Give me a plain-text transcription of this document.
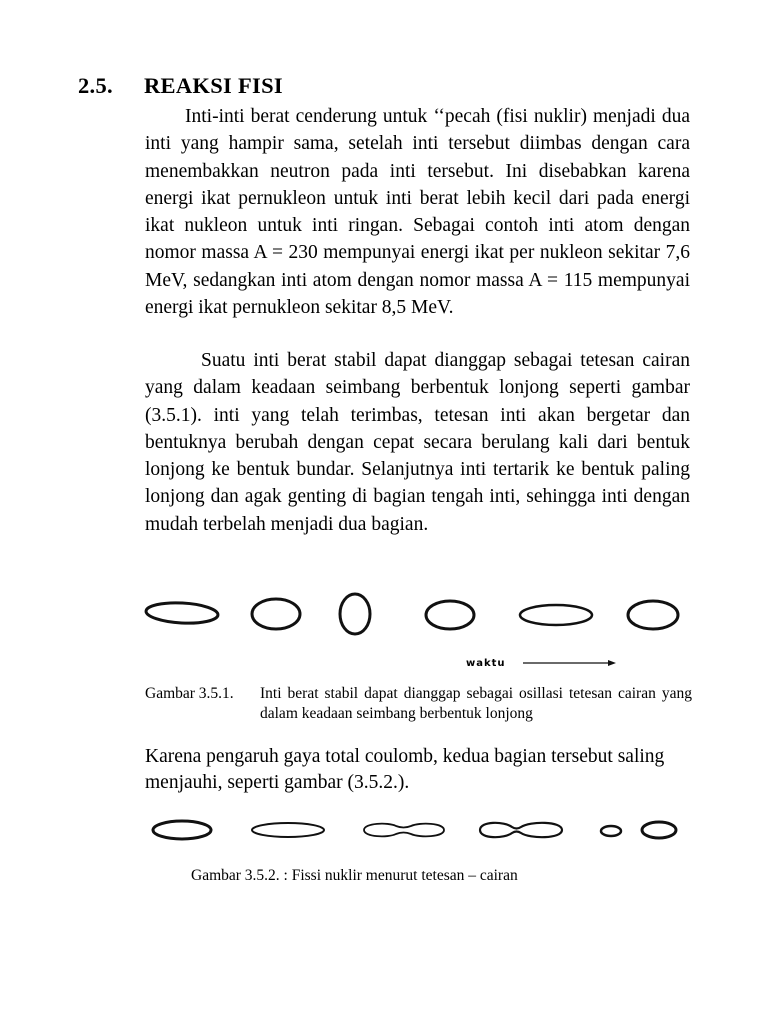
2.5. REAKSI FISI

Inti-inti berat cenderung untuk ‘‘pecah (fisi nuklir) menjadi dua inti yang hampir sama, setelah inti tersebut diimbas dengan cara menembakkan neutron pada inti tersebut. Ini disebabkan karena energi ikat pernukleon untuk inti berat lebih kecil dari pada energi ikat nukleon untuk inti ringan. Sebagai contoh inti atom dengan nomor massa A = 230 mempunyai energi ikat per nukleon sekitar 7,6 MeV, sedangkan inti atom dengan nomor massa A = 115 mempunyai energi ikat pernukleon sekitar 8,5 MeV.

Suatu inti berat stabil dapat dianggap sebagai tetesan cairan yang dalam keadaan seimbang berbentuk lonjong seperti gambar (3.5.1). inti yang telah terimbas, tetesan inti akan bergetar dan bentuknya berubah dengan cepat secara berulang kali dari bentuk lonjong ke bentuk bundar. Selanjutnya inti tertarik ke bentuk paling lonjong dan agak genting di bagian tengah inti, sehingga inti dengan mudah terbelah menjadi dua bagian.

waktu
Gambar 3.5.1. Inti berat stabil dapat dianggap sebagai osillasi tetesan cairan yang dalam keadaan seimbang berbentuk lonjong

Karena pengaruh gaya total coulomb, kedua bagian tersebut saling menjauhi, seperti gambar (3.5.2.).

Gambar 3.5.2. : Fissi nuklir menurut tetesan – cairan
